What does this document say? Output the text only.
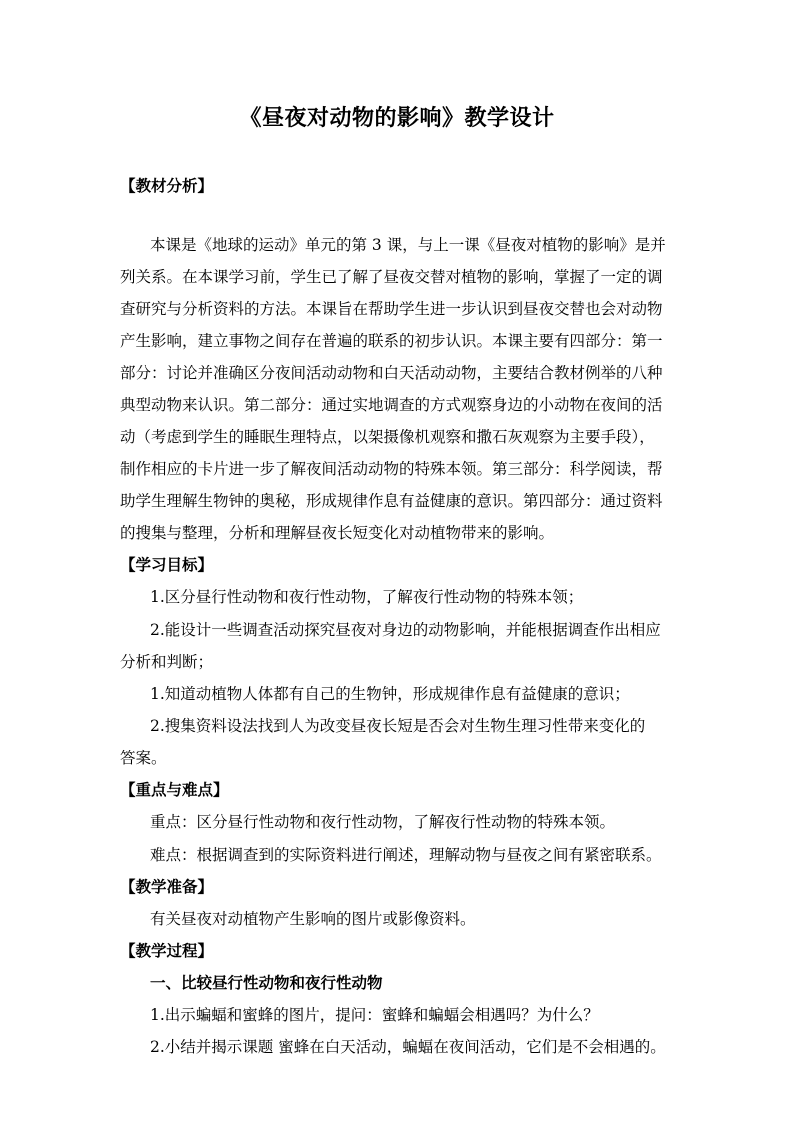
《昼夜对动物的影响》教学设计
【教材分析】
本课是《地球的运动》单元的第 3 课，与上一课《昼夜对植物的影响》是并
列关系。在本课学习前，学生已了解了昼夜交替对植物的影响，掌握了一定的调
查研究与分析资料的方法。本课旨在帮助学生进一步认识到昼夜交替也会对动物
产生影响，建立事物之间存在普遍的联系的初步认识。本课主要有四部分：第一
部分：讨论并准确区分夜间活动动物和白天活动动物，主要结合教材例举的八种
典型动物来认识。第二部分：通过实地调查的方式观察身边的小动物在夜间的活
动（考虑到学生的睡眠生理特点，以架摄像机观察和撒石灰观察为主要手段），
制作相应的卡片进一步了解夜间活动动物的特殊本领。第三部分：科学阅读，帮
助学生理解生物钟的奥秘，形成规律作息有益健康的意识。第四部分：通过资料
的搜集与整理，分析和理解昼夜长短变化对动植物带来的影响。
【学习目标】
1.区分昼行性动物和夜行性动物，了解夜行性动物的特殊本领；
2.能设计一些调查活动探究昼夜对身边的动物影响，并能根据调查作出相应
分析和判断；
1.知道动植物人体都有自己的生物钟，形成规律作息有益健康的意识；
2.搜集资料设法找到人为改变昼夜长短是否会对生物生理习性带来变化的
答案。
【重点与难点】
重点：区分昼行性动物和夜行性动物，了解夜行性动物的特殊本领。
难点：根据调查到的实际资料进行阐述，理解动物与昼夜之间有紧密联系。
【教学准备】
有关昼夜对动植物产生影响的图片或影像资料。
【教学过程】
一、比较昼行性动物和夜行性动物
1.出示蝙蝠和蜜蜂的图片，提问：蜜蜂和蝙蝠会相遇吗？为什么？
2.小结并揭示课题 蜜蜂在白天活动，蝙蝠在夜间活动，它们是不会相遇的。
